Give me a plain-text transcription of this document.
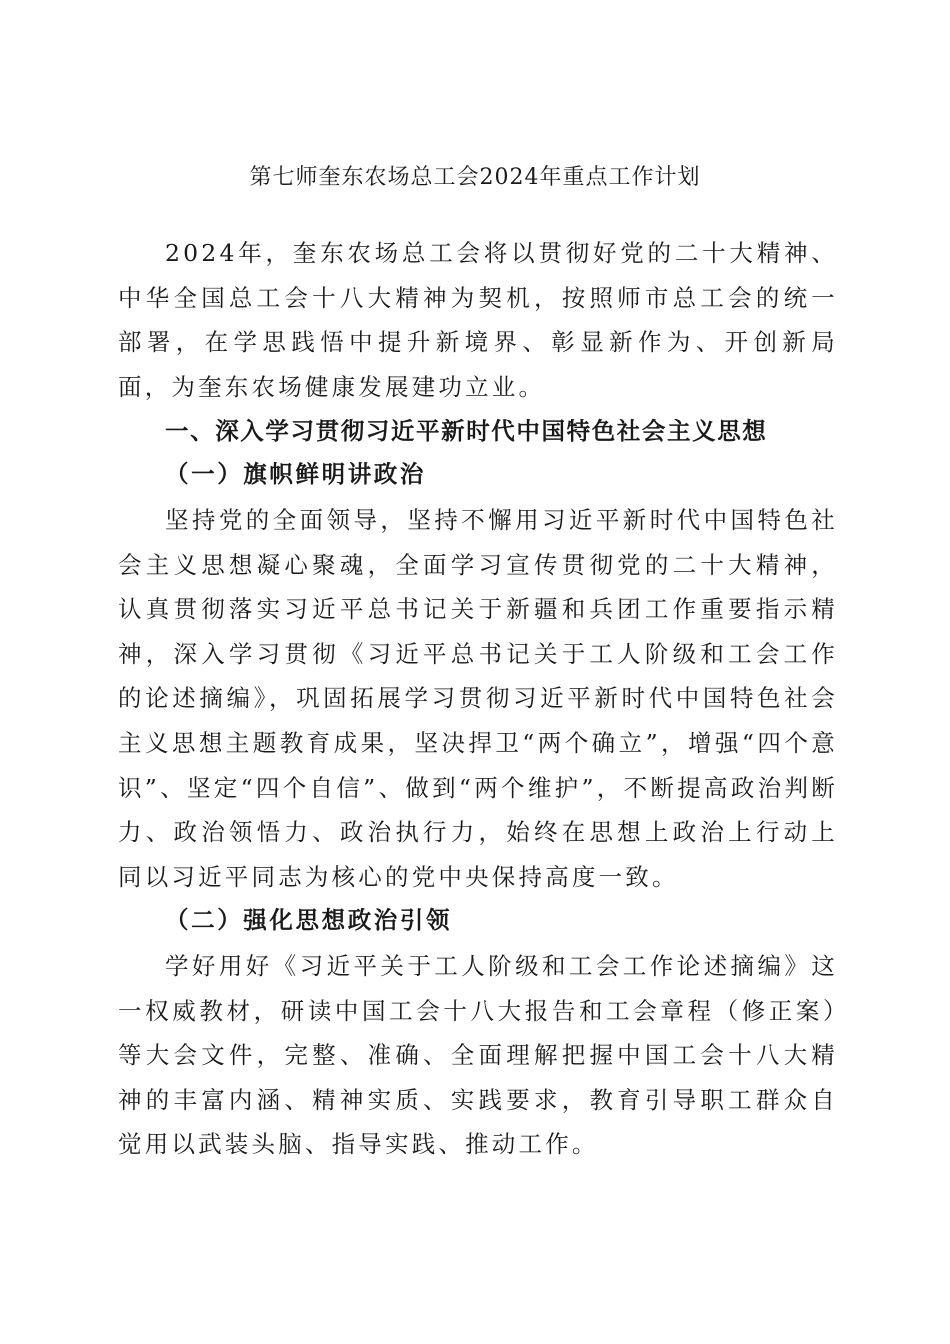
第七师奎东农场总工会2024年重点工作计划

2024年，奎东农场总工会将以贯彻好党的二十大精神、中华全国总工会十八大精神为契机，按照师市总工会的统一部署，在学思践悟中提升新境界、彰显新作为、开创新局面，为奎东农场健康发展建功立业。

一、深入学习贯彻习近平新时代中国特色社会主义思想
（一）旗帜鲜明讲政治

坚持党的全面领导，坚持不懈用习近平新时代中国特色社会主义思想凝心聚魂，全面学习宣传贯彻党的二十大精神，认真贯彻落实习近平总书记关于新疆和兵团工作重要指示精神，深入学习贯彻《习近平总书记关于工人阶级和工会工作的论述摘编》，巩固拓展学习贯彻习近平新时代中国特色社会主义思想主题教育成果，坚决捍卫“两个确立”，增强“四个意识”、坚定“四个自信”、做到“两个维护”，不断提高政治判断力、政治领悟力、政治执行力，始终在思想上政治上行动上同以习近平同志为核心的党中央保持高度一致。

（二）强化思想政治引领

学好用好《习近平关于工人阶级和工会工作论述摘编》这一权威教材，研读中国工会十八大报告和工会章程（修正案）等大会文件，完整、准确、全面理解把握中国工会十八大精神的丰富内涵、精神实质、实践要求，教育引导职工群众自觉用以武装头脑、指导实践、推动工作。
